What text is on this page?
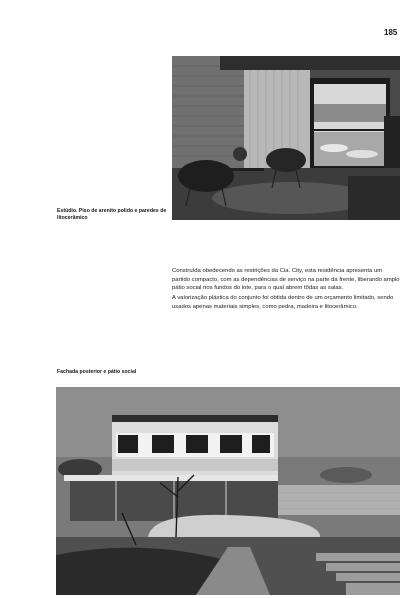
185
Estúdio. Piso de arenito polido e paredes de litocerâmico

Construída obedecendo as restrições da Cia. City, esta residência apresenta um partido compacto, com as dependências de serviço na parte da frente, liberando amplo pátio social nos fundos do lote, para o qual abrem tôdas as salas.

A valorização plástica do conjunto foi obtida dentro de um orçamento limitado, sendo usados apenas materiais simples, como pedra, madeira e litocerâmico.

Fachada posterior e pátio social
